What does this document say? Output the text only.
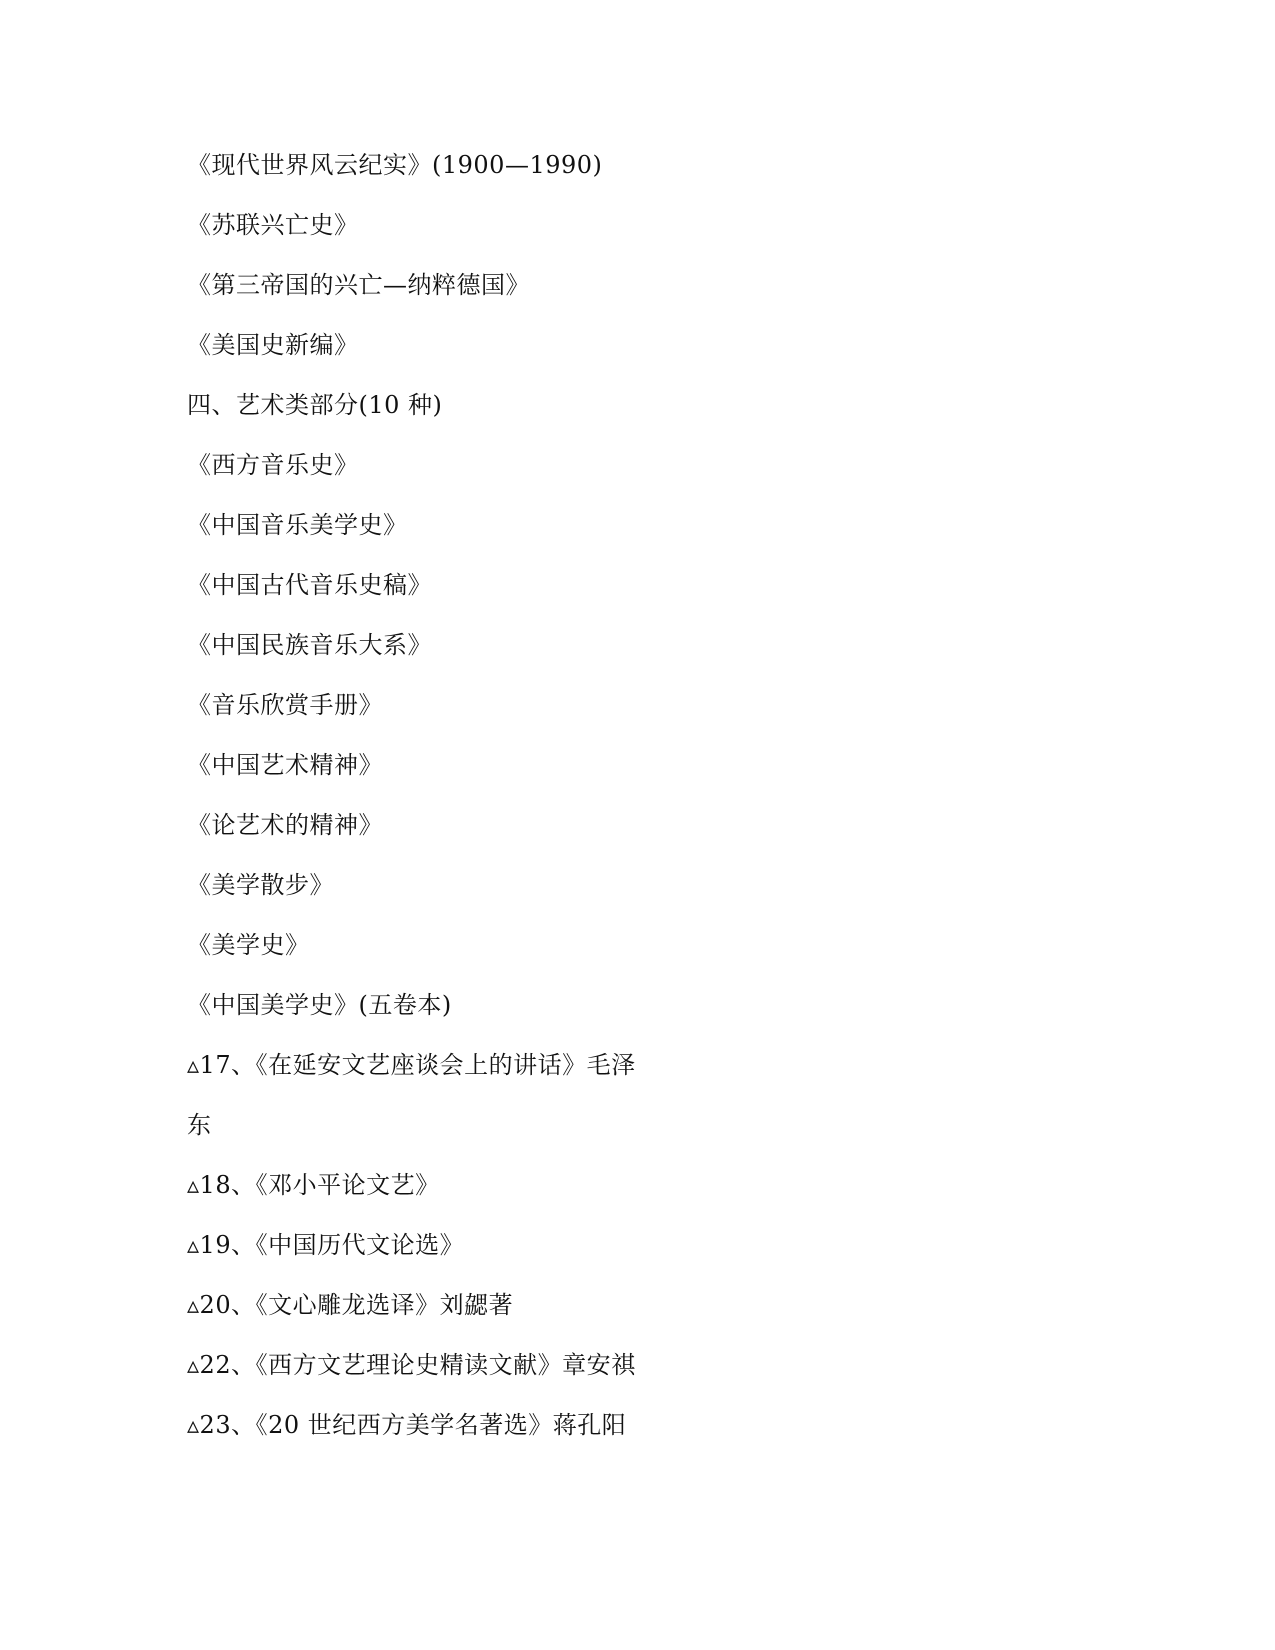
《现代世界风云纪实》(1900—1990)
《苏联兴亡史》
《第三帝国的兴亡—纳粹德国》
《美国史新编》
四、艺术类部分(10 种)
《西方音乐史》
《中国音乐美学史》
《中国古代音乐史稿》
《中国民族音乐大系》
《音乐欣赏手册》
《中国艺术精神》
《论艺术的精神》
《美学散步》
《美学史》
《中国美学史》(五卷本)
▵17、《在延安文艺座谈会上的讲话》毛泽
东
▵18、《邓小平论文艺》
▵19、《中国历代文论选》
▵20、《文心雕龙选译》刘勰著
▵22、《西方文艺理论史精读文献》章安祺
▵23、《20 世纪西方美学名著选》蒋孔阳
